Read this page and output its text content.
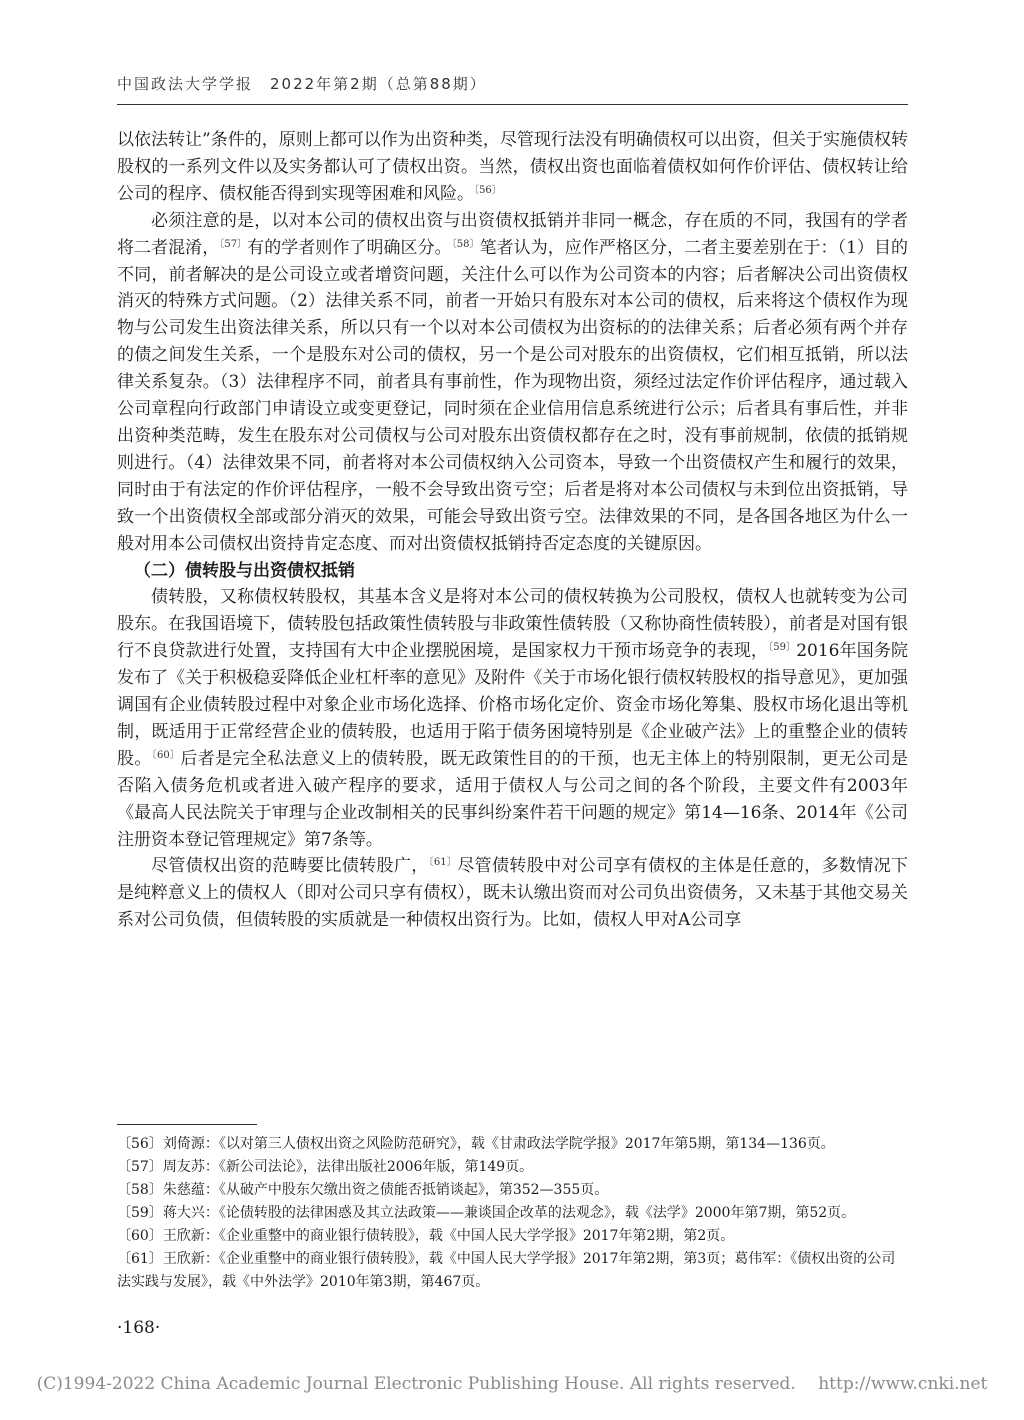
中国政法大学学报　2022年第2期（总第88期）

以依法转让”条件的，原则上都可以作为出资种类，尽管现行法没有明确债权可以出资，但关于实施债权转股权的一系列文件以及实务都认可了债权出资。当然，债权出资也面临着债权如何作价评估、债权转让给公司的程序、债权能否得到实现等困难和风险。$^{〔56〕}$

必须注意的是，以对本公司的债权出资与出资债权抵销并非同一概念，存在质的不同，我国有的学者将二者混淆，$^{〔57〕}$有的学者则作了明确区分。$^{〔58〕}$笔者认为，应作严格区分，二者主要差别在于：（1）目的不同，前者解决的是公司设立或者增资问题，关注什么可以作为公司资本的内容；后者解决公司出资债权消灭的特殊方式问题。（2）法律关系不同，前者一开始只有股东对本公司的债权，后来将这个债权作为现物与公司发生出资法律关系，所以只有一个以对本公司债权为出资标的的法律关系；后者必须有两个并存的债之间发生关系，一个是股东对公司的债权，另一个是公司对股东的出资债权，它们相互抵销，所以法律关系复杂。（3）法律程序不同，前者具有事前性，作为现物出资，须经过法定作价评估程序，通过载入公司章程向行政部门申请设立或变更登记，同时须在企业信用信息系统进行公示；后者具有事后性，并非出资种类范畴，发生在股东对公司债权与公司对股东出资债权都存在之时，没有事前规制，依债的抵销规则进行。（4）法律效果不同，前者将对本公司债权纳入公司资本，导致一个出资债权产生和履行的效果，同时由于有法定的作价评估程序，一般不会导致出资亏空；后者是将对本公司债权与未到位出资抵销，导致一个出资债权全部或部分消灭的效果，可能会导致出资亏空。法律效果的不同，是各国各地区为什么一般对用本公司债权出资持肯定态度、而对出资债权抵销持否定态度的关键原因。

（二）债转股与出资债权抵销

债转股，又称债权转股权，其基本含义是将对本公司的债权转换为公司股权，债权人也就转变为公司股东。在我国语境下，债转股包括政策性债转股与非政策性债转股（又称协商性债转股），前者是对国有银行不良贷款进行处置，支持国有大中企业摆脱困境，是国家权力干预市场竞争的表现，$^{〔59〕}$2016年国务院发布了《关于积极稳妥降低企业杠杆率的意见》及附件《关于市场化银行债权转股权的指导意见》，更加强调国有企业债转股过程中对象企业市场化选择、价格市场化定价、资金市场化筹集、股权市场化退出等机制，既适用于正常经营企业的债转股，也适用于陷于债务困境特别是《企业破产法》上的重整企业的债转股。$^{〔60〕}$后者是完全私法意义上的债转股，既无政策性目的的干预，也无主体上的特别限制，更无公司是否陷入债务危机或者进入破产程序的要求，适用于债权人与公司之间的各个阶段，主要文件有2003年《最高人民法院关于审理与企业改制相关的民事纠纷案件若干问题的规定》第14—16条、2014年《公司注册资本登记管理规定》第7条等。

尽管债权出资的范畴要比债转股广，$^{〔61〕}$尽管债转股中对公司享有债权的主体是任意的，多数情况下是纯粹意义上的债权人（即对公司只享有债权），既未认缴出资而对公司负出资债务，又未基于其他交易关系对公司负债，但债转股的实质就是一种债权出资行为。比如，债权人甲对A公司享

〔56〕刘倚源：《以对第三人债权出资之风险防范研究》，载《甘肃政法学院学报》2017年第5期，第134—136页。

〔57〕周友苏：《新公司法论》，法律出版社2006年版，第149页。

〔58〕朱慈蕴：《从破产中股东欠缴出资之债能否抵销谈起》，第352—355页。

〔59〕蒋大兴：《论债转股的法律困惑及其立法政策——兼谈国企改革的法观念》，载《法学》2000年第7期，第52页。

〔60〕王欣新：《企业重整中的商业银行债转股》，载《中国人民大学学报》2017年第2期，第2页。

〔61〕王欣新：《企业重整中的商业银行债转股》，载《中国人民大学学报》2017年第2期，第3页；葛伟军：《债权出资的公司法实践与发展》，载《中外法学》2010年第3期，第467页。

·168·
(C)1994-2022 China Academic Journal Electronic Publishing House. All rights reserved.　 http://www.cnki.net
